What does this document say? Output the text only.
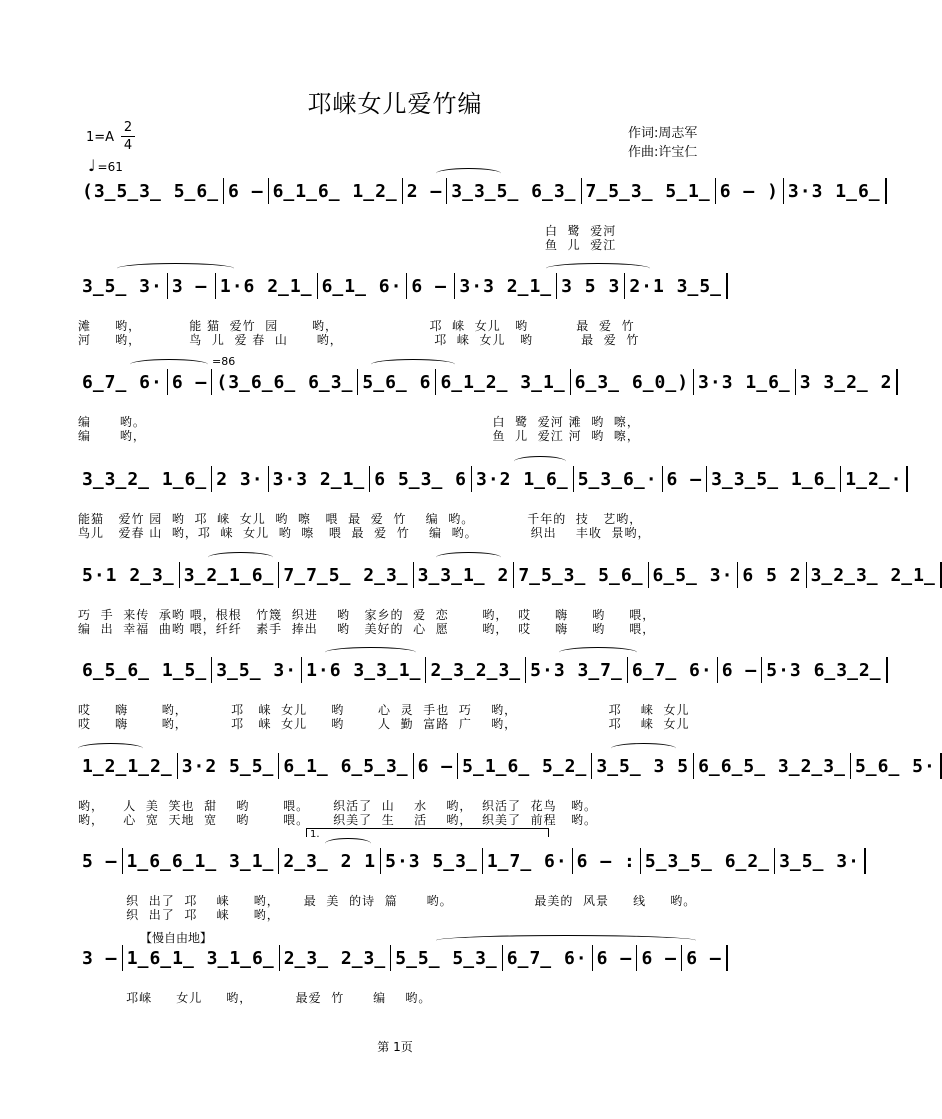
邛崃女儿爱竹编
1=A
2
4
♩ =61
作词:周志军
作曲:许宝仁
(3̲5̲3̲ 5̲6̲ 6 – 6̲1̲6̲ 1̲2̲ 2 – 3̲3̲5̲ 6̲3̲ 7̲5̲3̲ 5̲1̲ 6 – ) 3·3 1̲6̲
白  鹭  爱河
鱼  儿  爱江
3̲5̲ 3· 3 – 1·6 2̲1̲ 6̲1̲ 6· 6 – 3·3 2̲1̲ 3 5 3 2·1 3̲5̲
滩     哟，          能 猫  爱竹  园       哟，                   邛  崃  女儿   哟          最  爱  竹
河     哟，          鸟  儿  爱 春  山      哟，                   邛  崃  女儿   哟          最  爱  竹
=86
6̲7̲ 6· 6 – (3̲6̲6̲ 6̲3̲ 5̲6̲ 6 6̲1̲2̲ 3̲1̲ 6̲3̲ 6̲0̲) 3·3 1̲6̲ 3 3̲2̲ 2
编      哟。                                                                        白  鹭  爱河 滩  哟  嚓，
编      哟，                                                                        鱼  儿  爱江 河  哟  嚓，
3̲3̲2̲ 1̲6̲ 2 3· 3·3 2̲1̲ 6 5̲3̲ 6 3·2 1̲6̲ 5̲3̲6̲· 6 – 3̲3̲5̲ 1̲6̲ 1̲2̲·
能猫   爱竹 园  哟  邛  崃  女儿  哟  嚓   喂  最  爱  竹    编  哟。           千年的  技   艺哟，
鸟儿   爱春 山  哟，邛  崃  女儿  哟  嚓   喂  最  爱  竹    编  哟。           织出    丰收  景哟，
5·1 2̲3̲ 3̲2̲1̲6̲ 7̲7̲5̲ 2̲3̲ 3̲3̲1̲ 2 7̲5̲3̲ 5̲6̲ 6̲5̲ 3· 6 5 2 3̲2̲3̲ 2̲1̲
巧  手  来传  承哟 喂，根根   竹篾  织进    哟   家乡的  爱  恋       哟，  哎     嗨     哟     喂，
编  出  幸福  曲哟 喂，纤纤   素手  捧出    哟   美好的  心  愿       哟，  哎     嗨     哟     喂，
6̲5̲6̲ 1̲5̲ 3̲5̲ 3· 1·6 3̲3̲1̲ 2̲3̲2̲3̲ 5·3 3̲7̲ 6̲7̲ 6· 6 – 5·3 6̲3̲2̲
哎     嗨       哟，         邛   崃  女儿     哟       心  灵  手也  巧    哟，                   邛    崃  女儿
哎     嗨       哟，         邛   崃  女儿     哟       人  勤  富路  广    哟，                   邛    崃  女儿
1̲2̲1̲2̲ 3·2 5̲5̲ 6̲1̲ 6̲5̲3̲ 6 – 5̲1̲6̲ 5̲2̲ 3̲5̲ 3 5 6̲6̲5̲ 3̲2̲3̲ 5̲6̲ 5·
哟，    人  美  笑也  甜    哟       喂。     织活了  山    水    哟，  织活了  花鸟   哟。
哟，    心  宽  天地  宽    哟       喂。     织美了  生    活    哟，  织美了  前程   哟。
1.
5 – 1̲6̲6̲1̲ 3̲1̲ 2̲3̲ 2 1 5·3 5̲3̲ 1̲7̲ 6· 6 – : 5̲3̲5̲ 6̲2̲ 3̲5̲ 3·
织  出了  邛    崃     哟，     最  美  的诗  篇      哟。                 最美的  风景     线     哟。
织  出了  邛    崃     哟，
【慢自由地】
3 – 1̲6̲1̲ 3̲1̲6̲ 2̲3̲ 2̲3̲ 5̲5̲ 5̲3̲ 6̲7̲ 6· 6 – 6 – 6 –
邛崃     女儿     哟，         最爱  竹      编    哟。
第 1页
